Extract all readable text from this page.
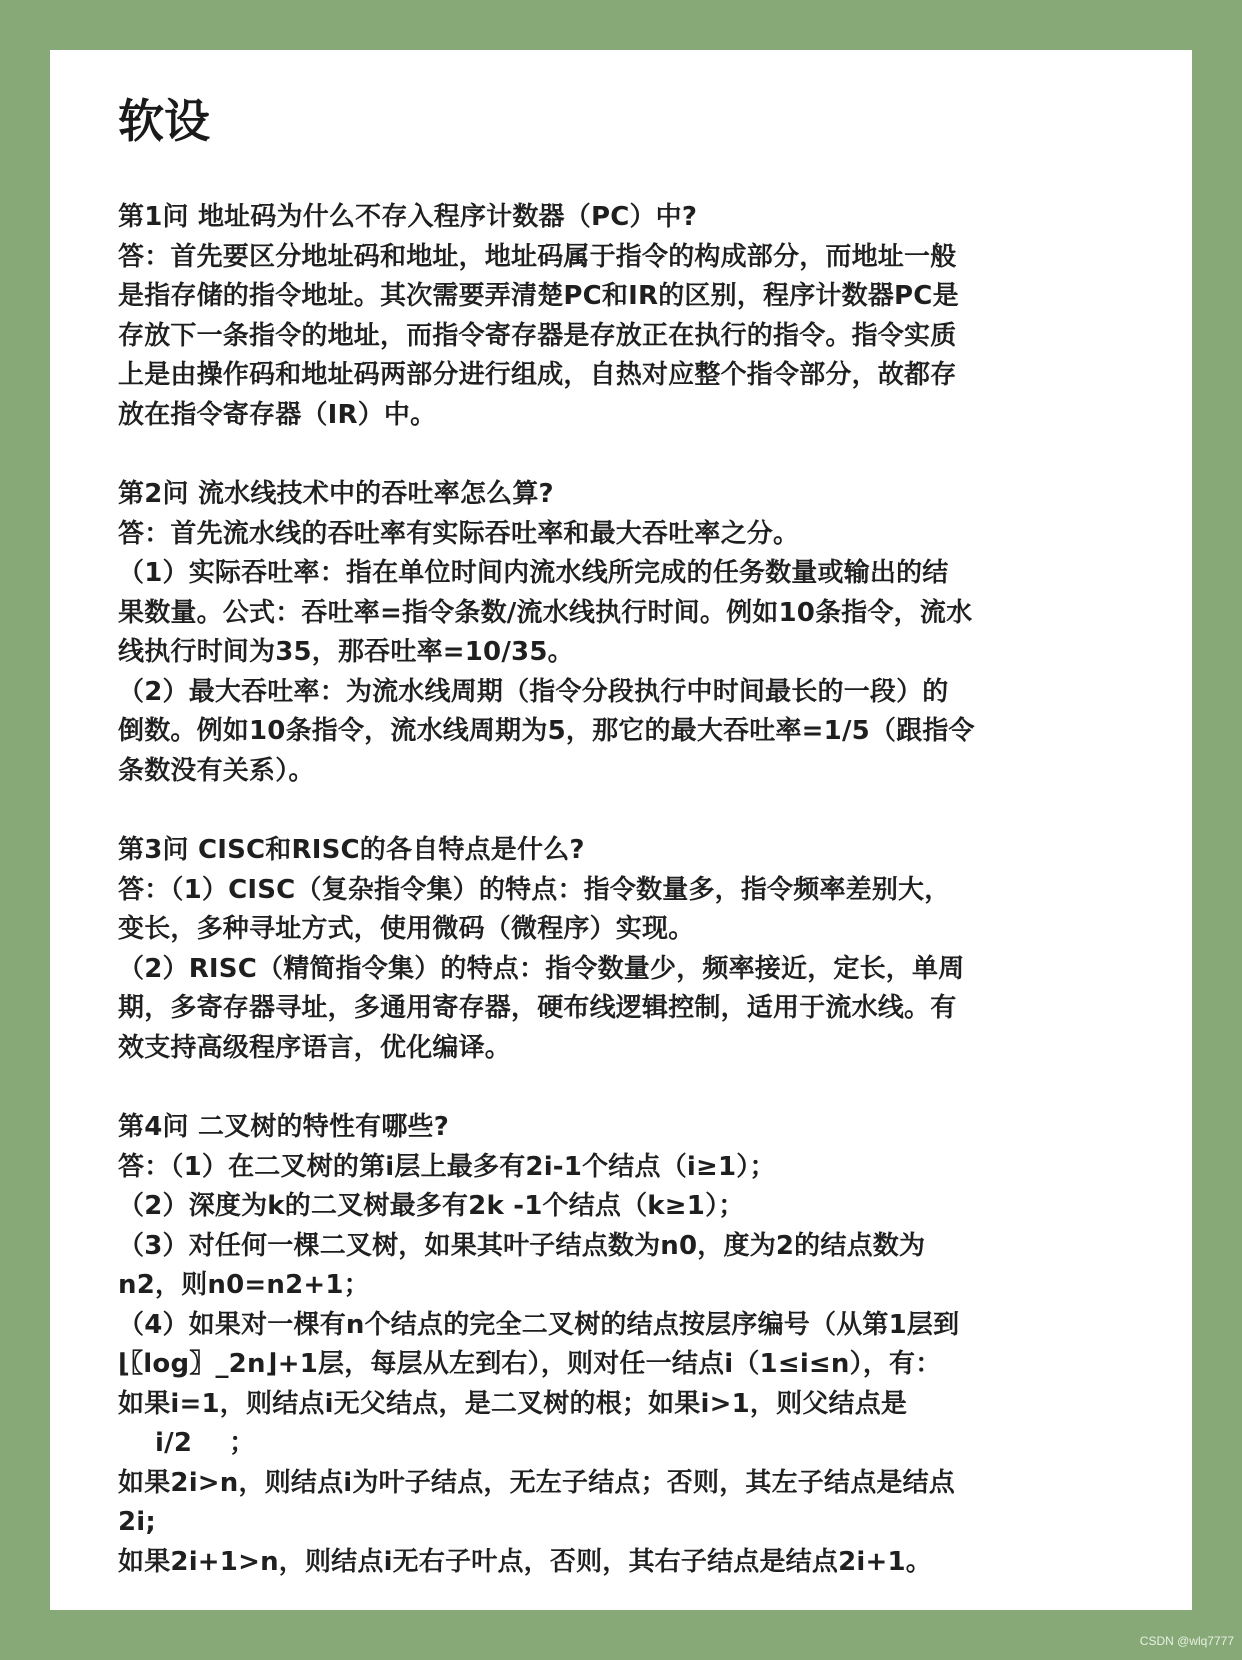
软设
第1问 地址码为什么不存入程序计数器（PC）中?
答：首先要区分地址码和地址，地址码属于指令的构成部分，而地址一般
是指存储的指令地址。其次需要弄清楚PC和IR的区别，程序计数器PC是
存放下一条指令的地址，而指令寄存器是存放正在执行的指令。指令实质
上是由操作码和地址码两部分进行组成，自热对应整个指令部分，故都存
放在指令寄存器（IR）中。
第2问 流水线技术中的吞吐率怎么算?
答：首先流水线的吞吐率有实际吞吐率和最大吞吐率之分。
（1）实际吞吐率：指在单位时间内流水线所完成的任务数量或输出的结
果数量。公式：吞吐率=指令条数/流水线执行时间。例如10条指令，流水
线执行时间为35，那吞吐率=10/35。
（2）最大吞吐率：为流水线周期（指令分段执行中时间最长的一段）的
倒数。例如10条指令，流水线周期为5，那它的最大吞吐率=1/5（跟指令
条数没有关系）。
第3问 CISC和RISC的各自特点是什么?
答：（1）CISC（复杂指令集）的特点：指令数量多，指令频率差别大，
变长，多种寻址方式，使用微码（微程序）实现。
（2）RISC（精简指令集）的特点：指令数量少，频率接近，定长，单周
期，多寄存器寻址，多通用寄存器，硬布线逻辑控制，适用于流水线。有
效支持高级程序语言，优化编译。
第4问 二叉树的特性有哪些?
答：（1）在二叉树的第i层上最多有2i-1个结点（i≥1）；
（2）深度为k的二叉树最多有2k -1个结点（k≥1）；
（3）对任何一棵二叉树，如果其叶子结点数为n0，度为2的结点数为
n2，则n0=n2+1；
（4）如果对一棵有n个结点的完全二叉树的结点按层序编号（从第1层到
⌊〖log〗_2n⌋+1层，每层从左到右），则对任一结点i（1≤i≤n），有：
如果i=1，则结点i无父结点，是二叉树的根；如果i>1，则父结点是
i/2    ；
如果2i>n，则结点i为叶子结点，无左子结点；否则，其左子结点是结点
2i;
如果2i+1>n，则结点i无右子叶点，否则，其右子结点是结点2i+1。
CSDN @wlq7777
